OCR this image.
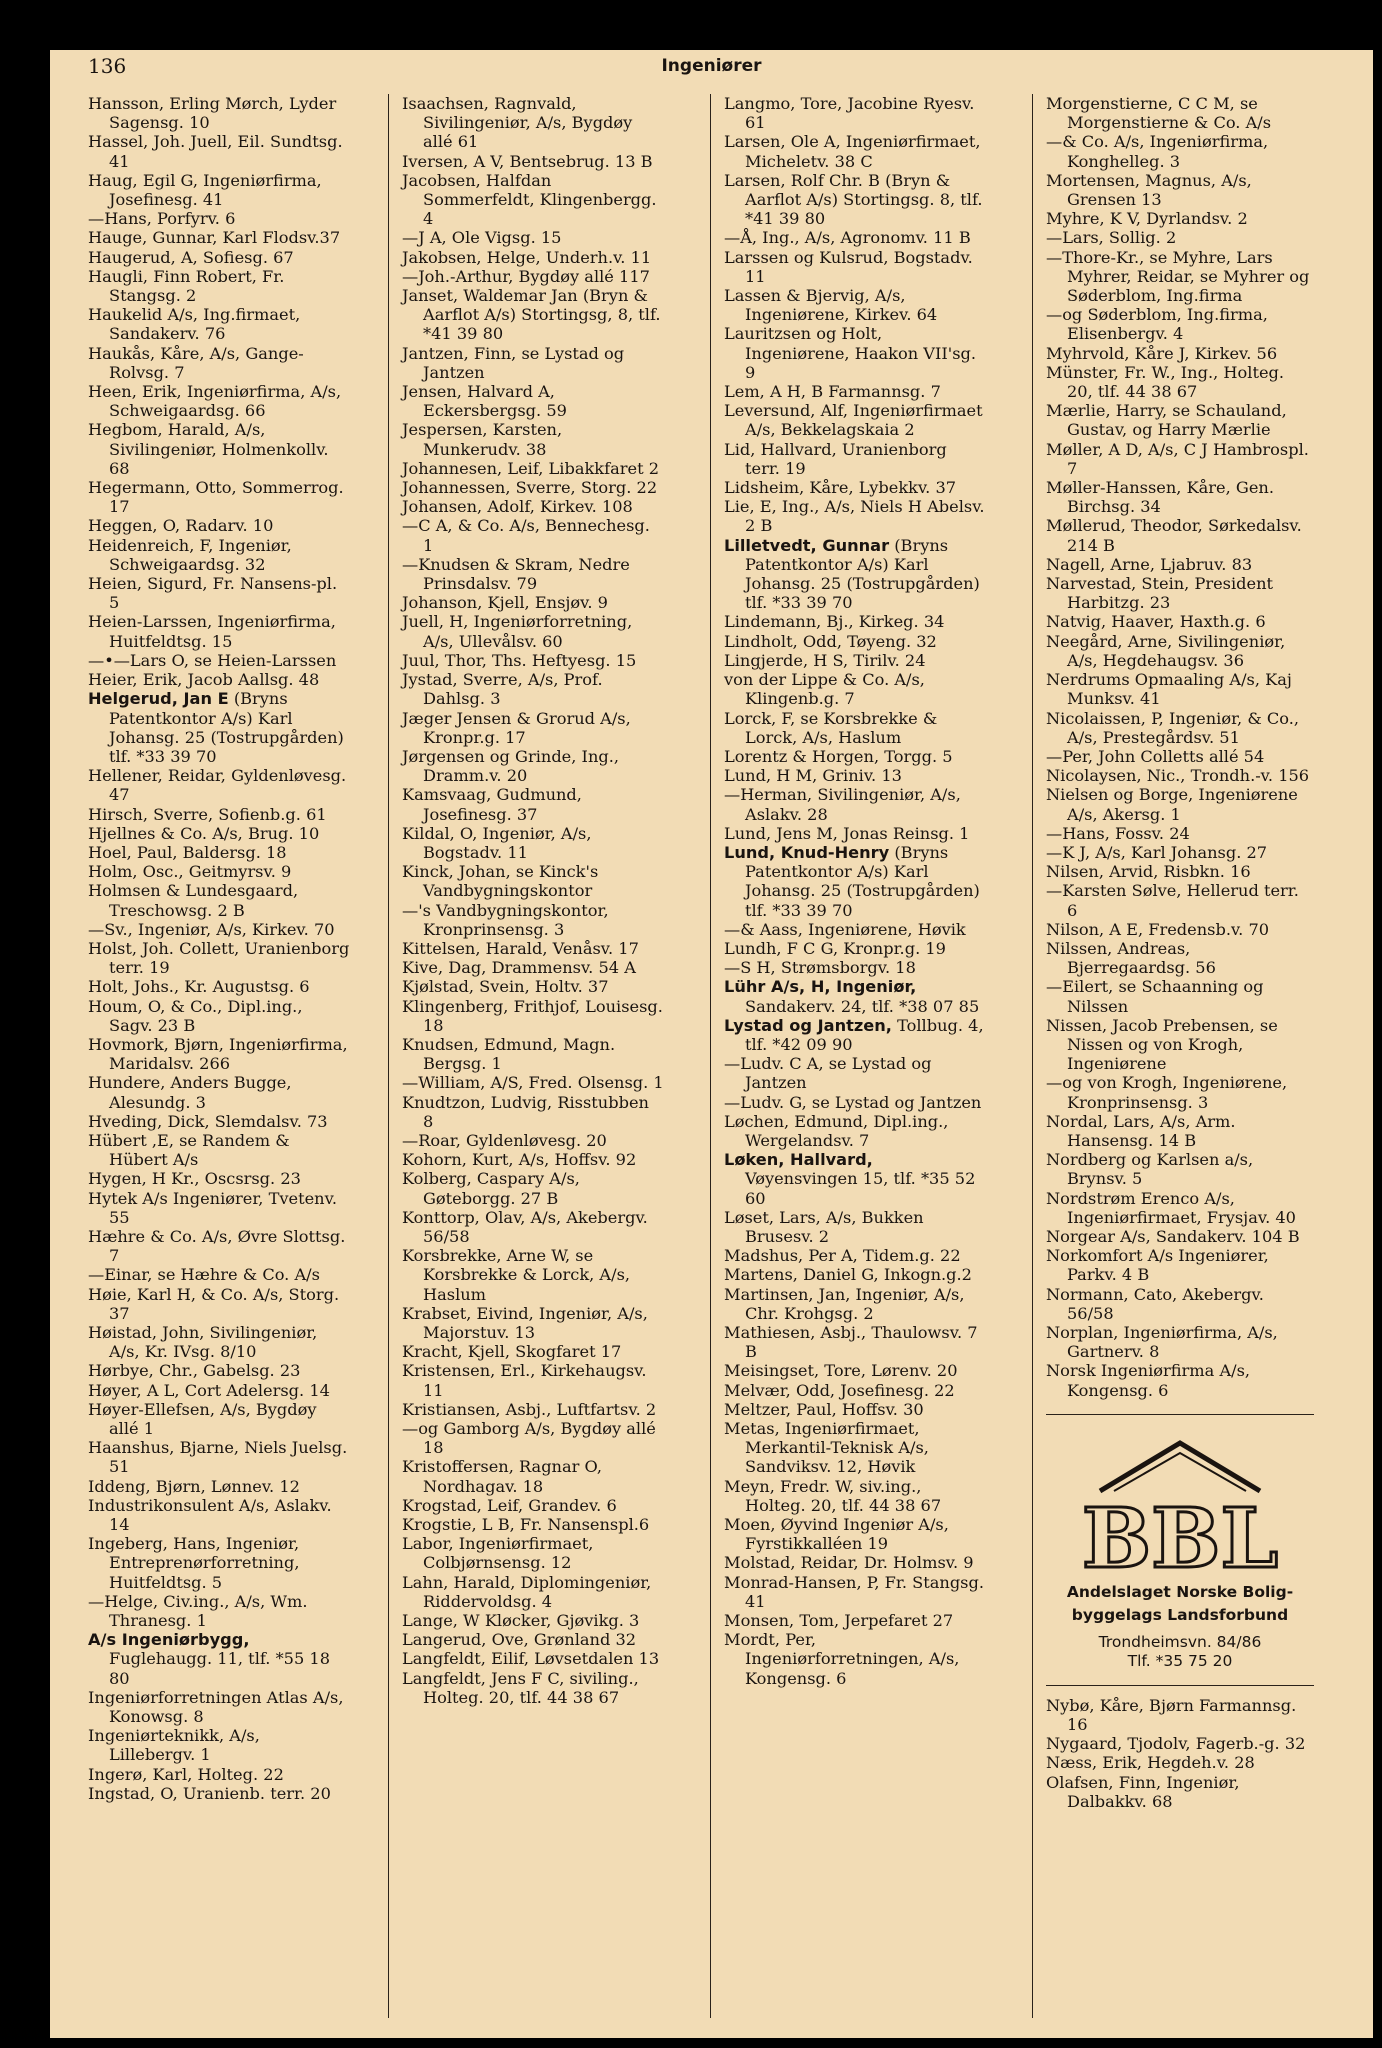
136	Ingeniører

Hansson, Erling Mørch, Lyder Sagensg. 10

Hassel, Joh. Juell, Eil. Sundtsg. 41

Haug, Egil G, Ingeniørfirma, Josefinesg. 41

—Hans, Porfyrv. 6

Hauge, Gunnar, Karl Flodsv.37

Haugerud, A, Sofiesg. 67

Haugli, Finn Robert, Fr. Stangsg. 2

Haukelid A/s, Ing.firmaet, Sandakerv. 76

Haukås, Kåre, A/s, Gange-Rolvsg. 7

Heen, Erik, Ingeniørfirma, A/s, Schweigaardsg. 66

Hegbom, Harald, A/s, Sivilingeniør, Holmenkollv. 68

Hegermann, Otto, Sommerrog. 17

Heggen, O, Radarv. 10

Heidenreich, F, Ingeniør, Schweigaardsg. 32

Heien, Sigurd, Fr. Nansens-pl. 5

Heien-Larssen, Ingeniørfirma, Huitfeldtsg. 15

—•—Lars O, se Heien-Larssen

Heier, Erik, Jacob Aallsg. 48

Helgerud, Jan E (Bryns Patentkontor A/s) Karl Johansg. 25 (Tostrupgården) tlf. *33 39 70

Hellener, Reidar, Gyldenløvesg. 47

Hirsch, Sverre, Sofienb.g. 61

Hjellnes & Co. A/s, Brug. 10

Hoel, Paul, Baldersg. 18

Holm, Osc., Geitmyrsv. 9

Holmsen & Lundesgaard, Treschowsg. 2 B

—Sv., Ingeniør, A/s, Kirkev. 70

Holst, Joh. Collett, Uranienborg terr. 19

Holt, Johs., Kr. Augustsg. 6

Houm, O, & Co., Dipl.ing., Sagv. 23 B

Hovmork, Bjørn, Ingeniørfirma, Maridalsv. 266

Hundere, Anders Bugge, Alesundg. 3

Hveding, Dick, Slemdalsv. 73

Hübert ,E, se Randem & Hübert A/s

Hygen, H Kr., Oscsrsg. 23

Hytek A/s Ingeniører, Tvetenv. 55

Hæhre & Co. A/s, Øvre Slottsg. 7

—Einar, se Hæhre & Co. A/s

Høie, Karl H, & Co. A/s, Storg. 37

Høistad, John, Sivilingeniør, A/s, Kr. IVsg. 8/10

Hørbye, Chr., Gabelsg. 23

Høyer, A L, Cort Adelersg. 14

Høyer-Ellefsen, A/s, Bygdøy allé 1

Haanshus, Bjarne, Niels Juelsg. 51

Iddeng, Bjørn, Lønnev. 12

Industrikonsulent A/s, Aslakv. 14

Ingeberg, Hans, Ingeniør, Entreprenørforretning, Huitfeldtsg. 5

—Helge, Civ.ing., A/s, Wm. Thranesg. 1

A/s Ingeniørbygg, Fuglehaugg. 11, tlf. *55 18 80

Ingeniørforretningen Atlas A/s, Konowsg. 8

Ingeniørteknikk, A/s, Lillebergv. 1

Ingerø, Karl, Holteg. 22

Ingstad, O, Uranienb. terr. 20

Isaachsen, Ragnvald, Sivilingeniør, A/s, Bygdøy allé 61

Iversen, A V, Bentsebrug. 13 B

Jacobsen, Halfdan Sommerfeldt, Klingenbergg. 4

—J A, Ole Vigsg. 15

Jakobsen, Helge, Underh.v. 11

—Joh.-Arthur, Bygdøy allé 117

Janset, Waldemar Jan (Bryn & Aarflot A/s) Stortingsg, 8, tlf. *41 39 80

Jantzen, Finn, se Lystad og Jantzen

Jensen, Halvard A, Eckersbergsg. 59

Jespersen, Karsten, Munkerudv. 38

Johannesen, Leif, Libakkfaret 2

Johannessen, Sverre, Storg. 22

Johansen, Adolf, Kirkev. 108

—C A, & Co. A/s, Bennechesg. 1

—Knudsen & Skram, Nedre Prinsdalsv. 79

Johanson, Kjell, Ensjøv. 9

Juell, H, Ingeniørforretning, A/s, Ullevålsv. 60

Juul, Thor, Ths. Heftyesg. 15

Jystad, Sverre, A/s, Prof. Dahlsg. 3

Jæger Jensen & Grorud A/s, Kronpr.g. 17

Jørgensen og Grinde, Ing., Dramm.v. 20

Kamsvaag, Gudmund, Josefinesg. 37

Kildal, O, Ingeniør, A/s, Bogstadv. 11

Kinck, Johan, se Kinck's Vandbygningskontor

—'s Vandbygningskontor, Kronprinsensg. 3

Kittelsen, Harald, Venåsv. 17

Kive, Dag, Drammensv. 54 A

Kjølstad, Svein, Holtv. 37

Klingenberg, Frithjof, Louisesg. 18

Knudsen, Edmund, Magn. Bergsg. 1

—William, A/S, Fred. Olsensg. 1

Knudtzon, Ludvig, Risstubben 8

—Roar, Gyldenløvesg. 20

Kohorn, Kurt, A/s, Hoffsv. 92

Kolberg, Caspary A/s, Gøteborgg. 27 B

Konttorp, Olav, A/s, Akebergv. 56/58

Korsbrekke, Arne W, se Korsbrekke & Lorck, A/s, Haslum

Krabset, Eivind, Ingeniør, A/s, Majorstuv. 13

Kracht, Kjell, Skogfaret 17

Kristensen, Erl., Kirkehaugsv. 11

Kristiansen, Asbj., Luftfartsv. 2

—og Gamborg A/s, Bygdøy allé 18

Kristoffersen, Ragnar O, Nordhagav. 18

Krogstad, Leif, Grandev. 6

Krogstie, L B, Fr. Nansenspl.6

Labor, Ingeniørfirmaet, Colbjørnsensg. 12

Lahn, Harald, Diplomingeniør, Riddervoldsg. 4

Lange, W Kløcker, Gjøvikg. 3

Langerud, Ove, Grønland 32

Langfeldt, Eilif, Løvsetdalen 13

Langfeldt, Jens F C, siviling., Holteg. 20, tlf. 44 38 67

Langmo, Tore, Jacobine Ryesv. 61

Larsen, Ole A, Ingeniørfirmaet, Micheletv. 38 C

Larsen, Rolf Chr. B (Bryn & Aarflot A/s) Stortingsg. 8, tlf. *41 39 80

—Å, Ing., A/s, Agronomv. 11 B

Larssen og Kulsrud, Bogstadv. 11

Lassen & Bjervig, A/s, Ingeniørene, Kirkev. 64

Lauritzsen og Holt, Ingeniørene, Haakon VII'sg. 9

Lem, A H, B Farmannsg. 7

Leversund, Alf, Ingeniørfirmaet A/s, Bekkelagskaia 2

Lid, Hallvard, Uranienborg terr. 19

Lidsheim, Kåre, Lybekkv. 37

Lie, E, Ing., A/s, Niels H Abelsv. 2 B

Lilletvedt, Gunnar (Bryns Patentkontor A/s) Karl Johansg. 25 (Tostrupgården) tlf. *33 39 70

Lindemann, Bj., Kirkeg. 34

Lindholt, Odd, Tøyeng. 32

Lingjerde, H S, Tirilv. 24

von der Lippe & Co. A/s, Klingenb.g. 7

Lorck, F, se Korsbrekke & Lorck, A/s, Haslum

Lorentz & Horgen, Torgg. 5

Lund, H M, Griniv. 13

—Herman, Sivilingeniør, A/s, Aslakv. 28

Lund, Jens M, Jonas Reinsg. 1

Lund, Knud-Henry (Bryns Patentkontor A/s) Karl Johansg. 25 (Tostrupgården) tlf. *33 39 70

—& Aass, Ingeniørene, Høvik

Lundh, F C G, Kronpr.g. 19

—S H, Strømsborgv. 18

Lühr A/s, H, Ingeniør, Sandakerv. 24, tlf. *38 07 85

Lystad og Jantzen, Tollbug. 4, tlf. *42 09 90

—Ludv. C A, se Lystad og Jantzen

—Ludv. G, se Lystad og Jantzen

Løchen, Edmund, Dipl.ing., Wergelandsv. 7

Løken, Hallvard, Vøyensvingen 15, tlf. *35 52 60

Løset, Lars, A/s, Bukken Brusesv. 2

Madshus, Per A, Tidem.g. 22

Martens, Daniel G, Inkogn.g.2

Martinsen, Jan, Ingeniør, A/s, Chr. Krohgsg. 2

Mathiesen, Asbj., Thaulowsv. 7 B

Meisingset, Tore, Lørenv. 20

Melvær, Odd, Josefinesg. 22

Meltzer, Paul, Hoffsv. 30

Metas, Ingeniørfirmaet, Merkantil-Teknisk A/s, Sandviksv. 12, Høvik

Meyn, Fredr. W, siv.ing., Holteg. 20, tlf. 44 38 67

Moen, Øyvind Ingeniør A/s, Fyrstikkalléen 19

Molstad, Reidar, Dr. Holmsv. 9

Monrad-Hansen, P, Fr. Stangsg. 41

Monsen, Tom, Jerpefaret 27

Mordt, Per, Ingeniørforretningen, A/s, Kongensg. 6

Morgenstierne, C C M, se Morgenstierne & Co. A/s

—& Co. A/s, Ingeniørfirma, Konghelleg. 3

Mortensen, Magnus, A/s, Grensen 13

Myhre, K V, Dyrlandsv. 2

—Lars, Sollig. 2

—Thore-Kr., se Myhre, Lars Myhrer, Reidar, se Myhrer og Søderblom, Ing.firma

—og Søderblom, Ing.firma, Elisenbergv. 4

Myhrvold, Kåre J, Kirkev. 56

Münster, Fr. W., Ing., Holteg. 20, tlf. 44 38 67

Mærlie, Harry, se Schauland, Gustav, og Harry Mærlie

Møller, A D, A/s, C J Hambrospl. 7

Møller-Hanssen, Kåre, Gen. Birchsg. 34

Møllerud, Theodor, Sørkedalsv. 214 B

Nagell, Arne, Ljabruv. 83

Narvestad, Stein, President Harbitzg. 23

Natvig, Haaver, Haxth.g. 6

Neegård, Arne, Sivilingeniør, A/s, Hegdehaugsv. 36

Nerdrums Opmaaling A/s, Kaj Munksv. 41

Nicolaissen, P, Ingeniør, & Co., A/s, Prestegårdsv. 51

—Per, John Colletts allé 54

Nicolaysen, Nic., Trondh.-v. 156

Nielsen og Borge, Ingeniørene A/s, Akersg. 1

—Hans, Fossv. 24

—K J, A/s, Karl Johansg. 27

Nilsen, Arvid, Risbkn. 16

—Karsten Sølve, Hellerud terr. 6

Nilson, A E, Fredensb.v. 70

Nilssen, Andreas, Bjerregaardsg. 56

—Eilert, se Schaanning og Nilssen

Nissen, Jacob Prebensen, se Nissen og von Krogh, Ingeniørene

—og von Krogh, Ingeniørene, Kronprinsensg. 3

Nordal, Lars, A/s, Arm. Hansensg. 14 B

Nordberg og Karlsen a/s, Brynsv. 5

Nordstrøm Erenco A/s, Ingeniørfirmaet, Frysjav. 40

Norgear A/s, Sandakerv. 104 B

Norkomfort A/s Ingeniører, Parkv. 4 B

Normann, Cato, Akebergv. 56/58

Norplan, Ingeniørfirma, A/s, Gartnerv. 8

Norsk Ingeniørfirma A/s, Kongensg. 6

BBL
Andelslaget Norske Bolig-
byggelags Landsforbund
Trondheimsvn. 84/86
Tlf. *35 75 20

Nybø, Kåre, Bjørn Farmannsg. 16

Nygaard, Tjodolv, Fagerb.-g. 32

Næss, Erik, Hegdeh.v. 28

Olafsen, Finn, Ingeniør, Dalbakkv. 68
